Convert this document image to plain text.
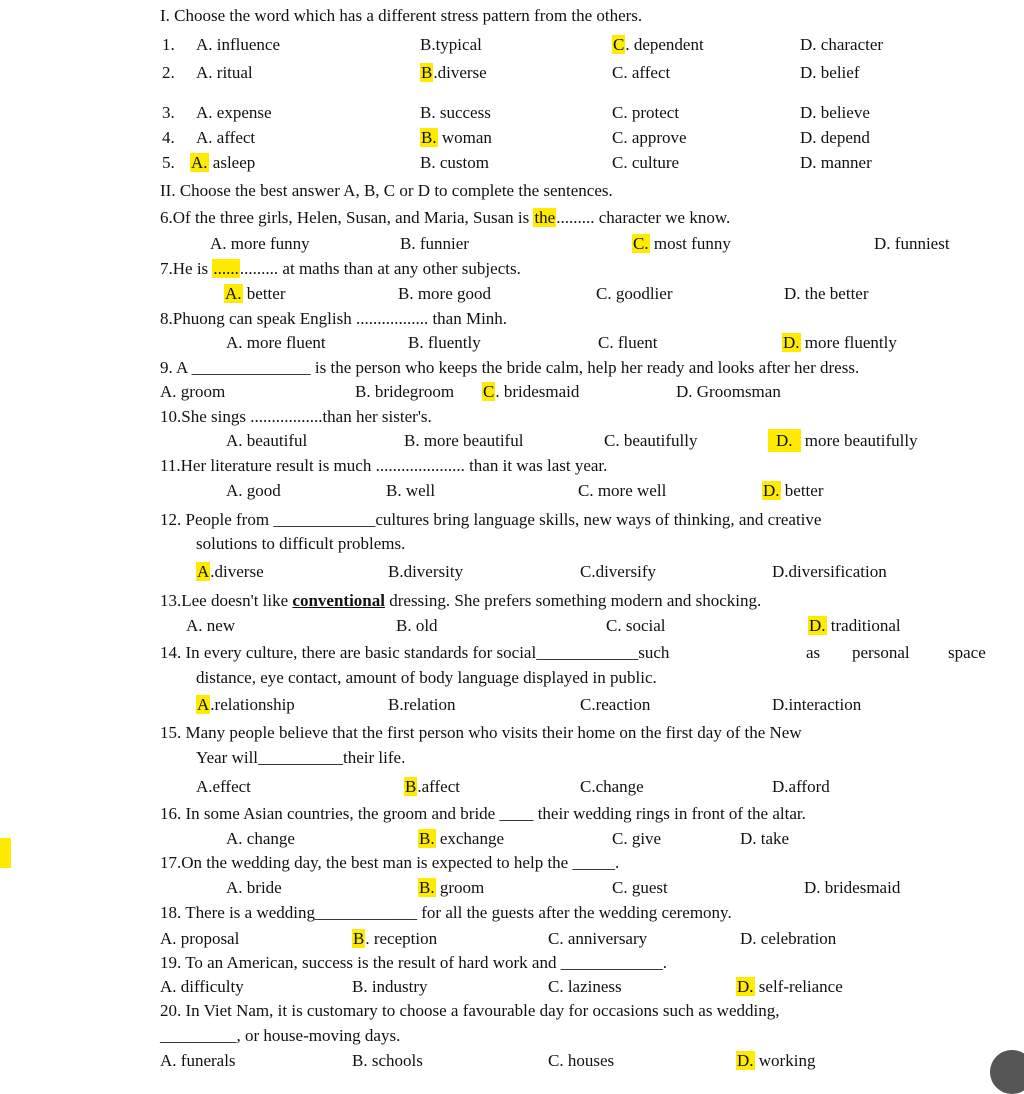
I. Choose the word which has a different stress pattern from the others.
1. A. influence	B.typical	C. dependent	D. character
2. A. ritual	B.diverse	C. affect	D. belief
3. A. expense	B. success	C. protect	D. believe
4. A. affect	B. woman	C. approve	D. depend
5. A. asleep	B. custom	C. culture	D. manner
II. Choose the best answer A, B, C or D to complete the sentences.
6.Of the three girls, Helen, Susan, and Maria, Susan is the......... character we know.
A. more funny	B. funnier	C. most funny	D. funniest
7.He is ............... at maths than at any other subjects.
A. better	B. more good	C. goodlier	D. the better
8.Phuong can speak English ................. than Minh.
A. more fluent	B. fluently	C. fluent	D. more fluently
9. A ______________ is the person who keeps the bride calm, help her ready and looks after her dress.
A. groom	B. bridegroom C. bridesmaid	D. Groomsman
10.She sings .................than her sister's.
A. beautiful	B. more beautiful	C. beautifully	D. more beautifully
11.Her literature result is much ..................... than it was last year.
A. good	B. well	C. more well	D. better
12. People from ____________cultures bring language skills, new ways of thinking, and creative
solutions to difficult problems.
A.diverse	B.diversity	C.diversify	D.diversification
13.Lee doesn't like conventional dressing. She prefers something modern and shocking.
A. new	B. old	C. social	D. traditional
14. In every culture, there are basic standards for social____________such	as personal space
distance, eye contact, amount of body language displayed in public.
A.relationship	B.relation	C.reaction	D.interaction
15. Many people believe that the first person who visits their home on the first day of the New
Year will__________their life.
A.effect	B.affect	C.change	D.afford
16. In some Asian countries, the groom and bride ____ their wedding rings in front of the altar.
A. change	B. exchange	C. give	D. take
17.On the wedding day, the best man is expected to help the _____.
A. bride	B. groom	C. guest	D. bridesmaid
18. There is a wedding____________ for all the guests after the wedding ceremony.
A. proposal	B. reception	C. anniversary	D. celebration
19. To an American, success is the result of hard work and ____________.
A. difficulty	B. industry	C. laziness	D. self-reliance
20. In Viet Nam, it is customary to choose a favourable day for occasions such as wedding,
_________, or house-moving days.
A. funerals	B. schools	C. houses	D. working
